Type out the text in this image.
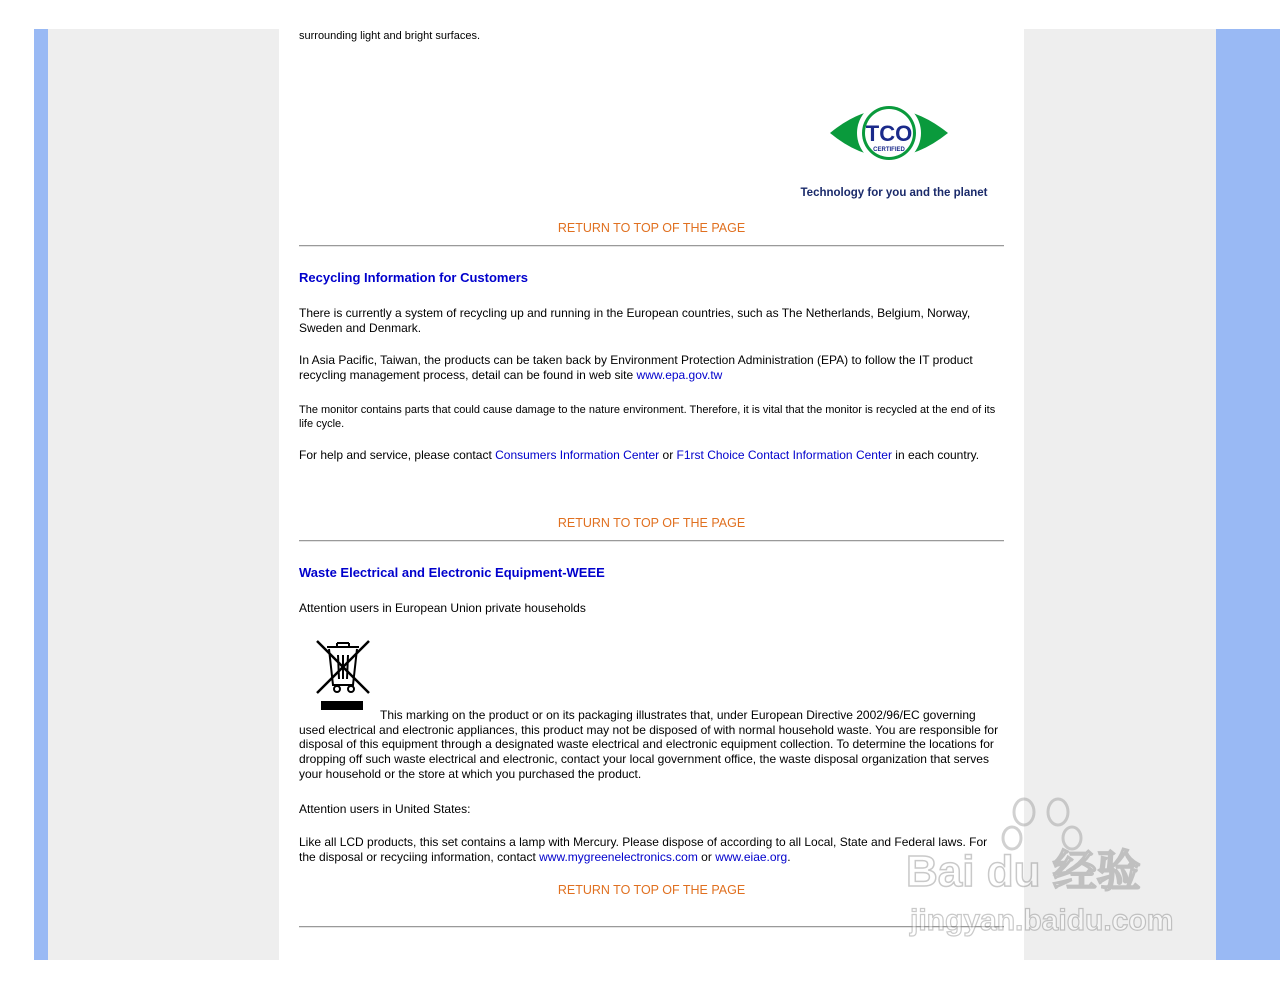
surrounding light and bright surfaces.

TCO
CERTIFIED
Technology for you and the planet
RETURN TO TOP OF THE PAGE
Recycling Information for Customers

There is currently a system of recycling up and running in the European countries, such as The Netherlands, Belgium, Norway, Sweden and Denmark.

In Asia Pacific, Taiwan, the products can be taken back by Environment Protection Administration (EPA) to follow the IT product recycling management process, detail can be found in web site www.epa.gov.tw

The monitor contains parts that could cause damage to the nature environment. Therefore, it is vital that the monitor is recycled at the end of its life cycle.

For help and service, please contact Consumers Information Center or F1rst Choice Contact Information Center in each country.

RETURN TO TOP OF THE PAGE
Waste Electrical and Electronic Equipment-WEEE

Attention users in European Union private households

This marking on the product or on its packaging illustrates that, under European Directive 2002/96/EC governing used electrical and electronic appliances, this product may not be disposed of with normal household waste. You are responsible for disposal of this equipment through a designated waste electrical and electronic equipment collection. To determine the locations for dropping off such waste electrical and electronic, contact your local government office, the waste disposal organization that serves your household or the store at which you purchased the product.

Attention users in United States:

Like all LCD products, this set contains a lamp with Mercury. Please dispose of according to all Local, State and Federal laws. For the disposal or recyciing information, contact www.mygreenelectronics.com or www.eiae.org.

RETURN TO TOP OF THE PAGE	Bai du 经验
jingyan.baidu.com
